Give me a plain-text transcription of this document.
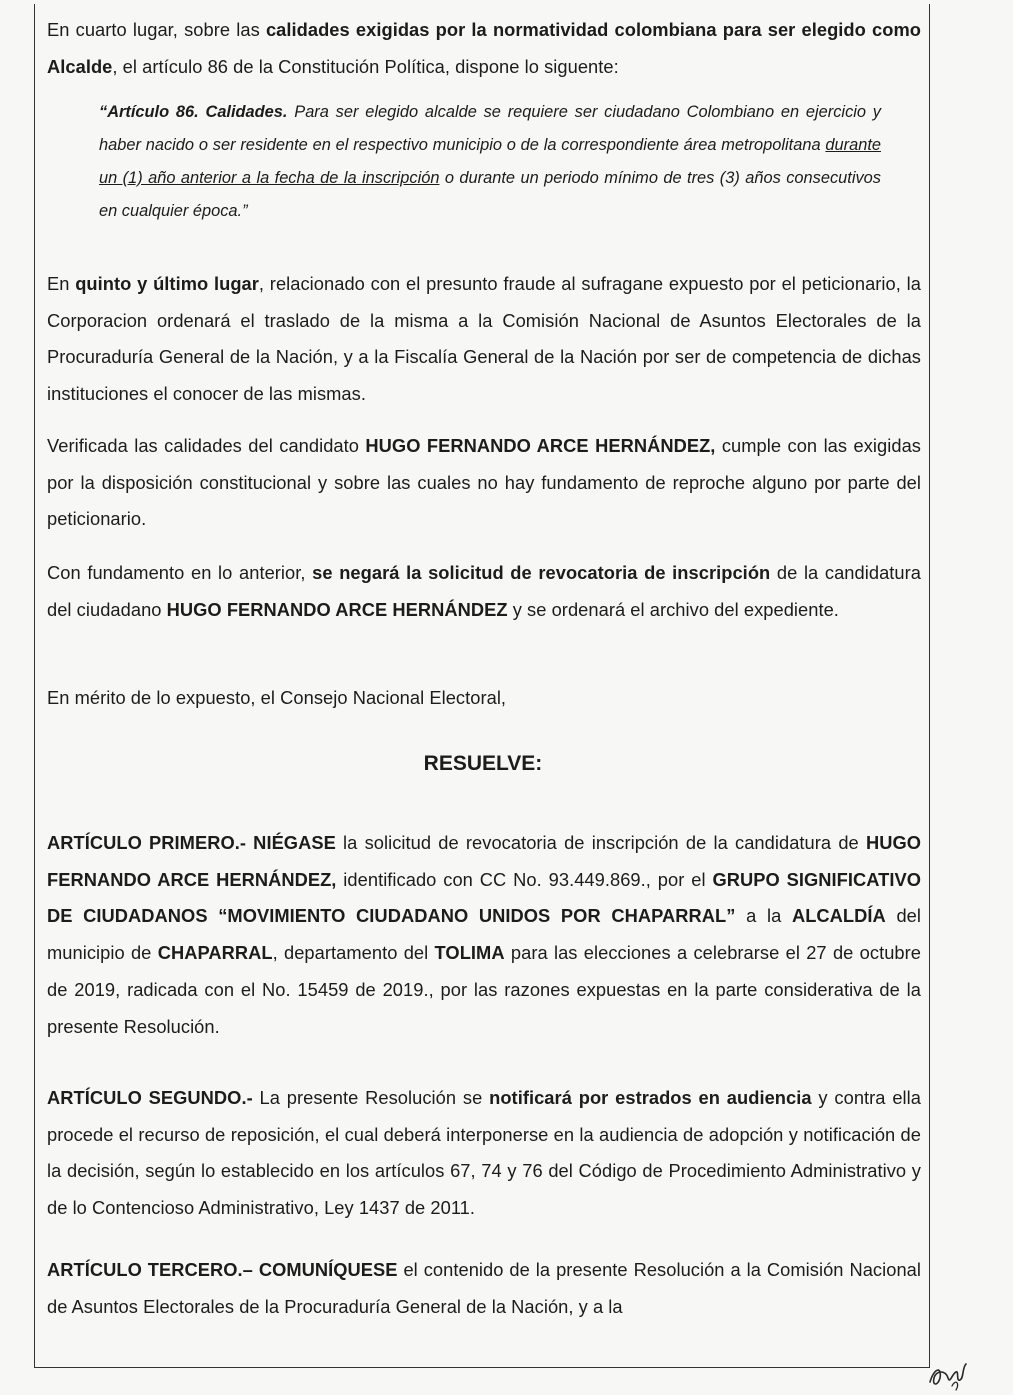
En cuarto lugar, sobre las calidades exigidas por la normatividad colombiana para ser elegido como Alcalde, el artículo 86 de la Constitución Política, dispone lo siguente:

“Artículo 86. Calidades. Para ser elegido alcalde se requiere ser ciudadano Colombiano en ejercicio y haber nacido o ser residente en el respectivo municipio o de la correspondiente área metropolitana durante un (1) año anterior a la fecha de la inscripción o durante un periodo mínimo de tres (3) años consecutivos en cualquier época.”

En quinto y último lugar, relacionado con el presunto fraude al sufragane expuesto por el peticionario, la Corporacion ordenará el traslado de la misma a la Comisión Nacional de Asuntos Electorales de la Procuraduría General de la Nación, y a la Fiscalía General de la Nación por ser de competencia de dichas instituciones el conocer de las mismas.

Verificada las calidades del candidato HUGO FERNANDO ARCE HERNÁNDEZ, cumple con las exigidas por la disposición constitucional y sobre las cuales no hay fundamento de reproche alguno por parte del peticionario.

Con fundamento en lo anterior, se negará la solicitud de revocatoria de inscripción de la candidatura del ciudadano HUGO FERNANDO ARCE HERNÁNDEZ y se ordenará el archivo del expediente.

En mérito de lo expuesto, el Consejo Nacional Electoral,

RESUELVE:

ARTÍCULO PRIMERO.- NIÉGASE la solicitud de revocatoria de inscripción de la candidatura de HUGO FERNANDO ARCE HERNÁNDEZ, identificado con CC No. 93.449.869., por el GRUPO SIGNIFICATIVO DE CIUDADANOS “MOVIMIENTO CIUDADANO UNIDOS POR CHAPARRAL” a la ALCALDÍA del municipio de CHAPARRAL, departamento del TOLIMA para las elecciones a celebrarse el 27 de octubre de 2019, radicada con el No. 15459 de 2019., por las razones expuestas en la parte considerativa de la presente Resolución.

ARTÍCULO SEGUNDO.- La presente Resolución se notificará por estrados en audiencia y contra ella procede el recurso de reposición, el cual deberá interponerse en la audiencia de adopción y notificación de la decisión, según lo establecido en los artículos 67, 74 y 76 del Código de Procedimiento Administrativo y de lo Contencioso Administrativo, Ley 1437 de 2011.

ARTÍCULO TERCERO.– COMUNÍQUESE el contenido de la presente Resolución a la Comisión Nacional de Asuntos Electorales de la Procuraduría General de la Nación, y a la
